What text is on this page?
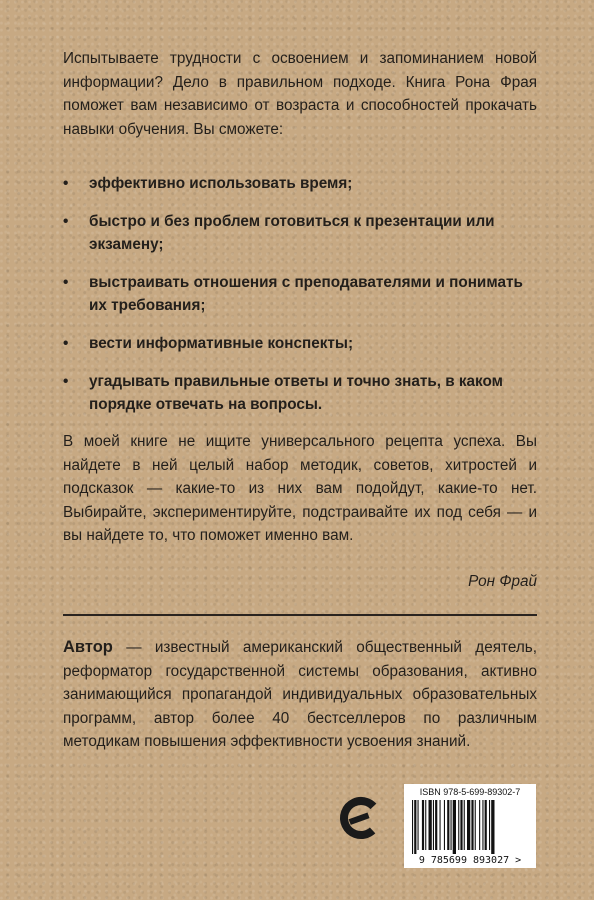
Испытываете трудности с освоением и запоминанием новой информации? Дело в правильном подходе. Книга Рона Фрая поможет вам независимо от возраста и способностей прокачать навыки обучения. Вы сможете:

• эффективно использовать время;
• быстро и без проблем готовиться к презентации или экзамену;
• выстраивать отношения с преподавателями и понимать их требования;
• вести информативные конспекты;
• угадывать правильные ответы и точно знать, в каком порядке отвечать на вопросы.

В моей книге не ищите универсального рецепта успеха. Вы найдете в ней целый набор методик, советов, хитростей и подсказок — какие-то из них вам подойдут, какие-то нет. Выбирайте, экспериментируйте, подстраивайте их под себя — и вы найдете то, что поможет именно вам.

Рон Фрай

Автор — известный американский общественный деятель, реформатор государственной системы образования, активно занимающийся пропагандой индивидуальных образовательных программ, автор более 40 бестселлеров по различным методикам повышения эффективности усвоения знаний.

ISBN 978-5-699-89302-7
9 785699 893027 >
